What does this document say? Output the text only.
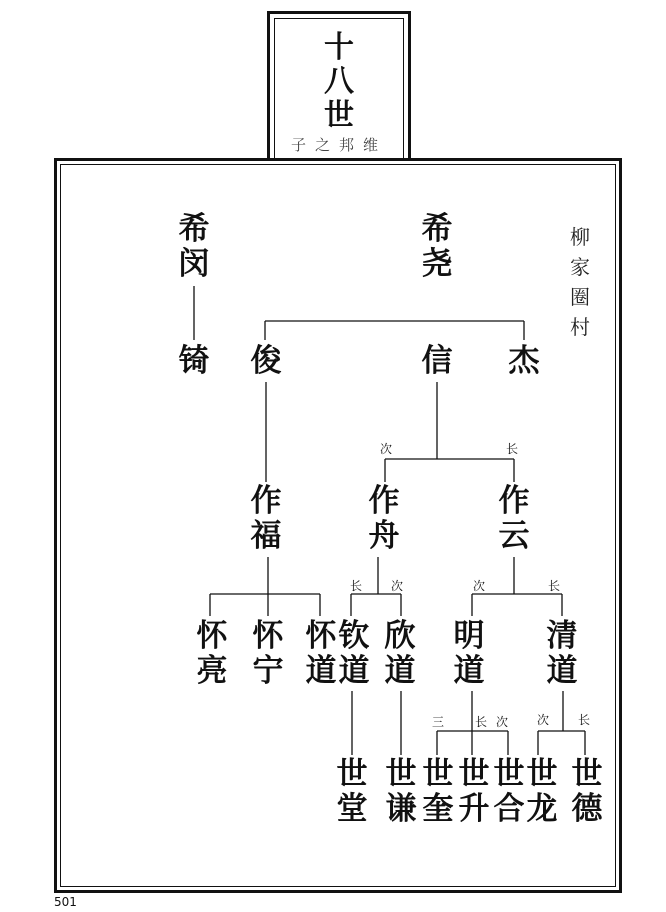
十
八
世
子之邦维
柳
家
圈
村
希
闵
希
尧
锜 俊	信 杰
次	长
作
福
作
舟
作
云
长 次	次	长
怀
亮
怀
宁
怀
道
钦
道
欣
道
明
道
清
道
三	长 次 次 长
世
堂
世
谦
世
奎
世
升
世
合
世
龙
世
德
501
